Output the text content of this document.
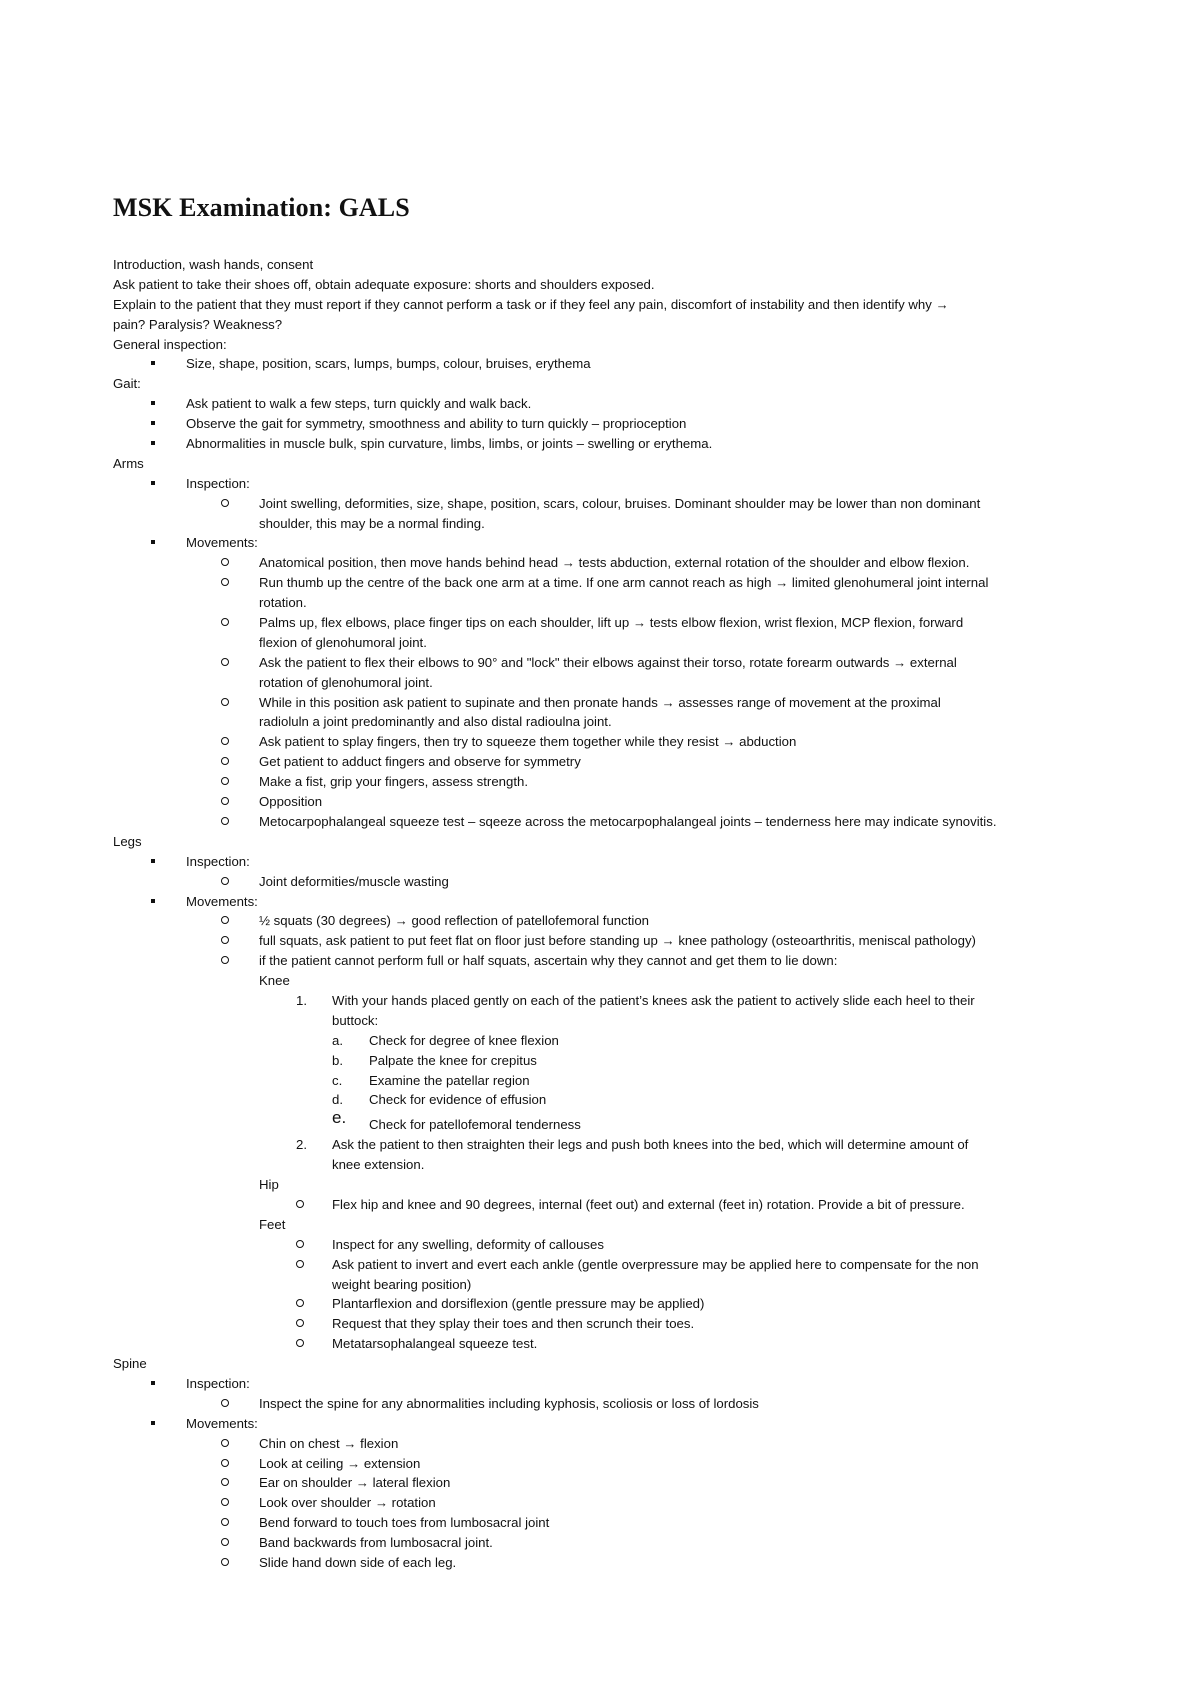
MSK Examination: GALS
Introduction, wash hands, consent
Ask patient to take their shoes off, obtain adequate exposure: shorts and shoulders exposed.
Explain to the patient that they must report if they cannot perform a task or if they feel any pain, discomfort of instability and then identify why →
pain? Paralysis? Weakness?
General inspection:
Size, shape, position, scars, lumps, bumps, colour, bruises, erythema
Gait:
Ask patient to walk a few steps, turn quickly and walk back.
Observe the gait for symmetry, smoothness and ability to turn quickly – proprioception
Abnormalities in muscle bulk, spin curvature, limbs, limbs, or joints – swelling or erythema.
Arms
Inspection:
Joint swelling, deformities, size, shape, position, scars, colour, bruises. Dominant shoulder may be lower than non dominant
shoulder, this may be a normal finding.
Movements:
Anatomical position, then move hands behind head → tests abduction, external rotation of the shoulder and elbow flexion.
Run thumb up the centre of the back one arm at a time. If one arm cannot reach as high → limited glenohumeral joint internal
rotation.
Palms up, flex elbows, place finger tips on each shoulder, lift up → tests elbow flexion, wrist flexion, MCP flexion, forward
flexion of glenohumoral joint.
Ask the patient to flex their elbows to 90° and "lock" their elbows against their torso, rotate forearm outwards → external
rotation of glenohumoral joint.
While in this position ask patient to supinate and then pronate hands → assesses range of movement at the proximal
radioluln a joint predominantly and also distal radioulna joint.
Ask patient to splay fingers, then try to squeeze them together while they resist → abduction
Get patient to adduct fingers and observe for symmetry
Make a fist, grip your fingers, assess strength.
Opposition
Metocarpophalangeal squeeze test – sqeeze across the metocarpophalangeal joints – tenderness here may indicate synovitis.
Legs
Inspection:
Joint deformities/muscle wasting
Movements:
½ squats (30 degrees) → good reflection of patellofemoral function
full squats, ask patient to put feet flat on floor just before standing up → knee pathology (osteoarthritis, meniscal pathology)
if the patient cannot perform full or half squats, ascertain why they cannot and get them to lie down:
Knee
1. With your hands placed gently on each of the patient’s knees ask the patient to actively slide each heel to their
buttock:
a. Check for degree of knee flexion
b. Palpate the knee for crepitus
c. Examine the patellar region
d. Check for evidence of effusion
e. Check for patellofemoral tenderness
2. Ask the patient to then straighten their legs and push both knees into the bed, which will determine amount of
knee extension.
Hip
Flex hip and knee and 90 degrees, internal (feet out) and external (feet in) rotation. Provide a bit of pressure.
Feet
Inspect for any swelling, deformity of callouses
Ask patient to invert and evert each ankle (gentle overpressure may be applied here to compensate for the non
weight bearing position)
Plantarflexion and dorsiflexion (gentle pressure may be applied)
Request that they splay their toes and then scrunch their toes.
Metatarsophalangeal squeeze test.
Spine
Inspection:
Inspect the spine for any abnormalities including kyphosis, scoliosis or loss of lordosis
Movements:
Chin on chest → flexion
Look at ceiling → extension
Ear on shoulder → lateral flexion
Look over shoulder → rotation
Bend forward to touch toes from lumbosacral joint
Band backwards from lumbosacral joint.
Slide hand down side of each leg.
